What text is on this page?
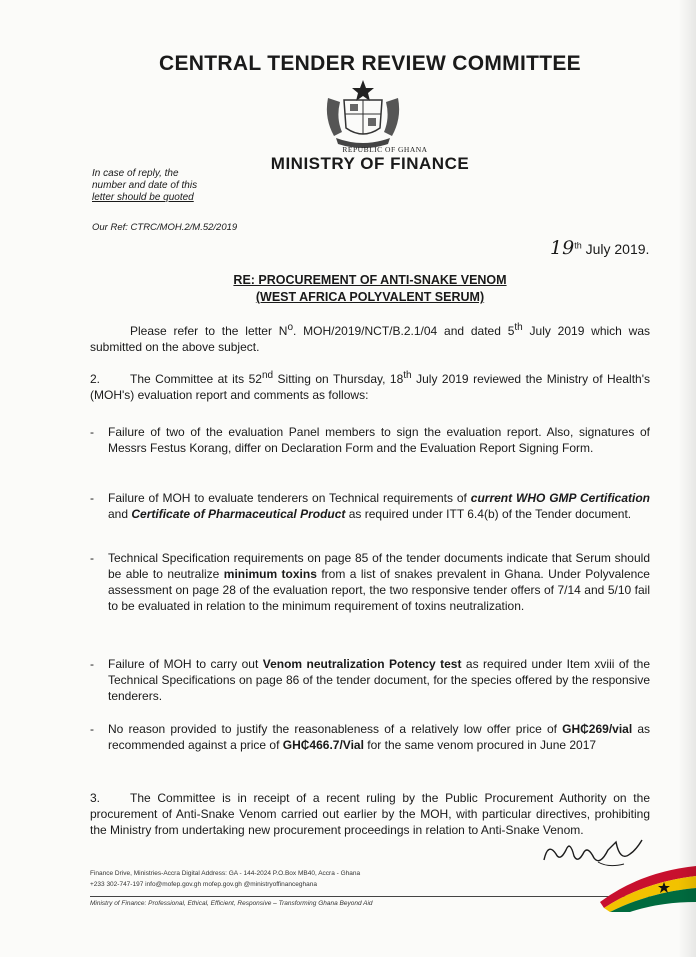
CENTRAL TENDER REVIEW COMMITTEE
REPUBLIC OF GHANA
MINISTRY OF FINANCE
In case of reply, the
number and date of this
letter should be quoted
Our Ref: CTRC/MOH.2/M.52/2019
19th July 2019.
RE: PROCUREMENT OF ANTI-SNAKE VENOM
(WEST AFRICA POLYVALENT SERUM)
Please refer to the letter $N^o$. MOH/2019/NCT/B.2.1/04 and dated 5th July 2019 which was submitted on the above subject.
2. The Committee at its 52nd Sitting on Thursday, 18th July 2019 reviewed the Ministry of Health's (MOH's) evaluation report and comments as follows:
- Failure of two of the evaluation Panel members to sign the evaluation report. Also, signatures of Messrs Festus Korang, differ on Declaration Form and the Evaluation Report Signing Form.
- Failure of MOH to evaluate tenderers on Technical requirements of current WHO GMP Certification and Certificate of Pharmaceutical Product as required under ITT 6.4(b) of the Tender document.
- Technical Specification requirements on page 85 of the tender documents indicate that Serum should be able to neutralize minimum toxins from a list of snakes prevalent in Ghana. Under Polyvalence assessment on page 28 of the evaluation report, the two responsive tender offers of 7/14 and 5/10 fail to be evaluated in relation to the minimum requirement of toxins neutralization.
- Failure of MOH to carry out Venom neutralization Potency test as required under Item xviii of the Technical Specifications on page 86 of the tender document, for the species offered by the responsive tenderers.
- No reason provided to justify the reasonableness of a relatively low offer price of GH₵269/vial as recommended against a price of GH₵466.7/Vial for the same venom procured in June 2017
3. The Committee is in receipt of a recent ruling by the Public Procurement Authority on the procurement of Anti-Snake Venom carried out earlier by the MOH, with particular directives, prohibiting the Ministry from undertaking new procurement proceedings in relation to Anti-Snake Venom.
Finance Drive, Ministries-Accra Digital Address: GA - 144-2024 P.O.Box MB40, Accra - Ghana
+233 302-747-197 info@mofep.gov.gh mofep.gov.gh @ministryoffinanceghana
Ministry of Finance: Professional, Ethical, Efficient, Responsive – Transforming Ghana Beyond Aid
